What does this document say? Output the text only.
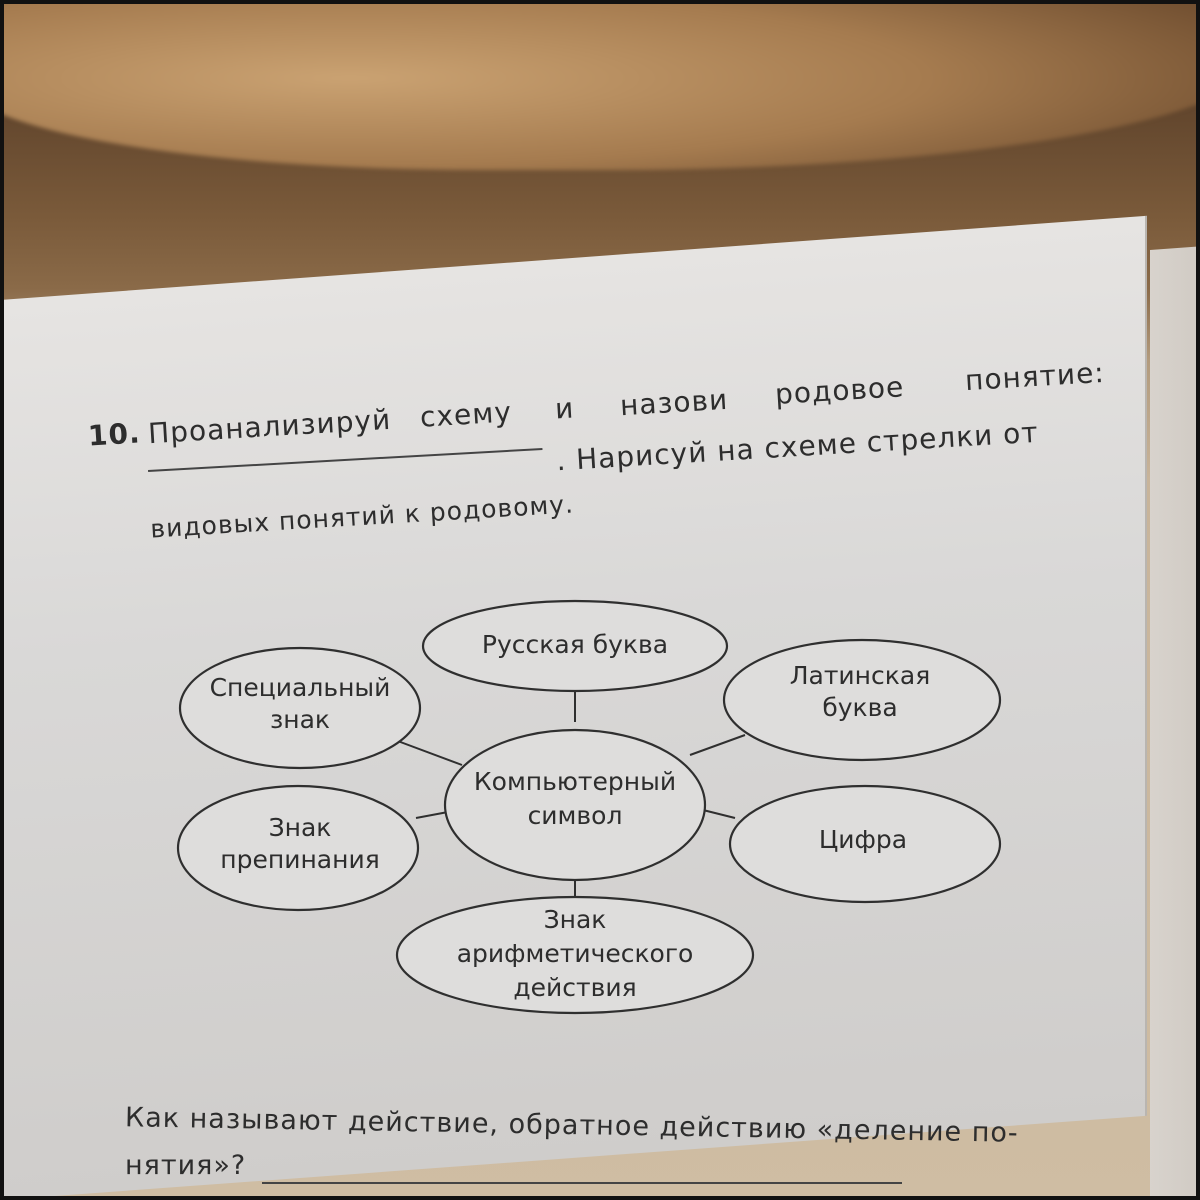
10. Проанализируй схему и назови родовое понятие:
. Нарисуй на схеме стрелки от
видовых понятий к родовому.
Компьютерный
символ
Русская буква
Специальный
знак
Латинская
буква
Знак
препинания
Цифра
Знак
арифметического
действия
Как называют действие, обратное действию «деление по-
нятия»?
